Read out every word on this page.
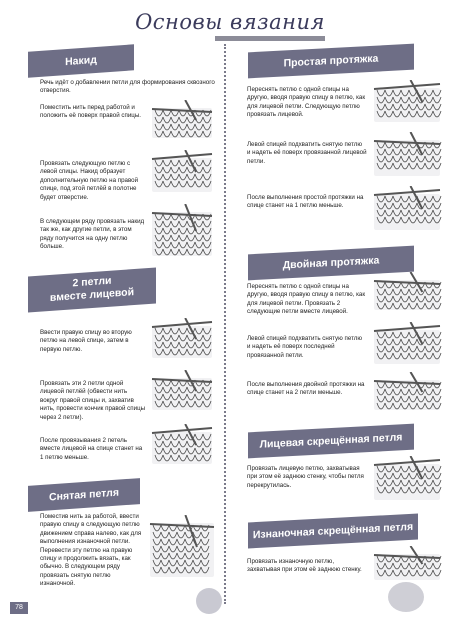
Основы вязания
Накид
Речь идёт о добавлении петли для формирования сквозного отверстия.
Поместить нить перед работой и положить её поверх правой спицы.
Провязать следующую петлю с левой спицы. Накид образует дополнительную петлю на правой спице, под этой петлёй в полотне будет отверстие.
В следующем ряду провязать накид так же, как другие петли, в этом ряду получится на одну петлю больше.
2 петли
вместе лицевой
Ввести правую спицу во вторую петлю на левой спице, затем в первую петлю.
Провязать эти 2 петли одной лицевой петлёй (обвести нить вокруг правой спицы и, захватив нить, провести кончик правой спицы через 2 петли).
После провязывания 2 петель вместе лицевой на спице станет на 1 петлю меньше.
Снятая петля
Поместив нить за работой, ввести правую спицу в следующую петлю движением справа налево, как для выполнения изнаночной петли. Перевести эту петлю на правую спицу и продолжить вязать, как обычно. В следующем ряду провязать снятую петлю изнаночной.
Простая протяжка
Переснять петлю с одной спицы на другую, вводя правую спицу в петлю, как для лицевой петли. Следующую петлю провязать лицевой.
Левой спицей подхватить снятую петлю и надеть её поверх провязанной лицевой петли.
После выполнения простой протяжки на спице станет на 1 петлю меньше.
Двойная протяжка
Переснять петлю с одной спицы на другую, вводя правую спицу в петлю, как для лицевой петли. Провязать 2 следующие петли вместе лицевой.
Левой спицей подхватить снятую петлю и надеть её поверх последней провязанной петли.
После выполнения двойной протяжки на спице станет на 2 петли меньше.
Лицевая скрещённая петля
Провязать лицевую петлю, захватывая при этом её заднюю стенку, чтобы петля перекрутилась.
Изнаночная скрещённая петля
Провязать изнаночную петлю, захватывая при этом её заднюю стенку.
78
